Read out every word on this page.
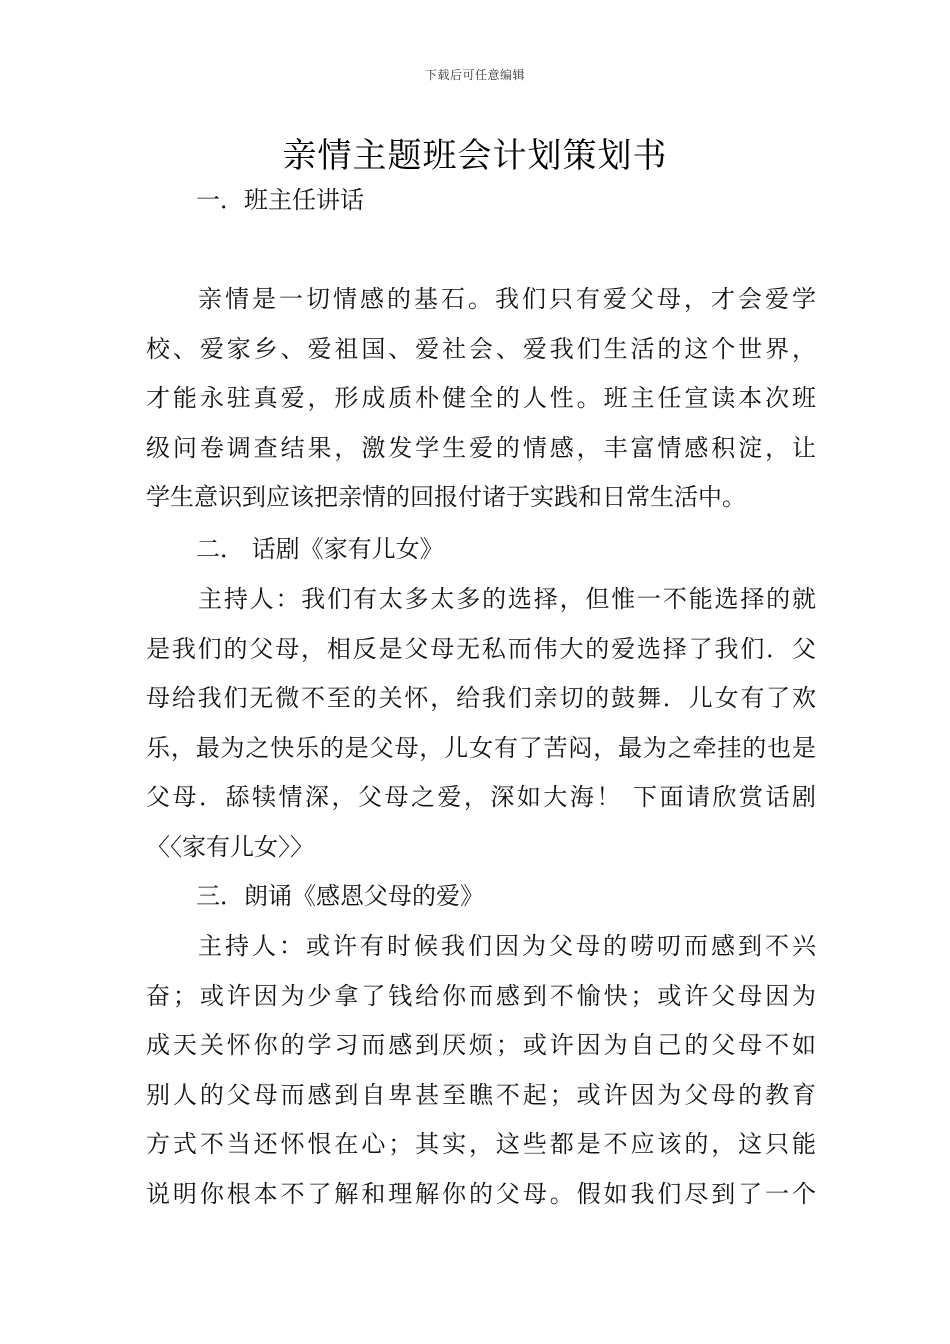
下载后可任意编辑
亲情主题班会计划策划书
一．班主任讲话
亲情是一切情感的基石。我们只有爱父母，才会爱学
校、爱家乡、爱祖国、爱社会、爱我们生活的这个世界，
才能永驻真爱，形成质朴健全的人性。班主任宣读本次班
级问卷调查结果，激发学生爱的情感，丰富情感积淀，让
学生意识到应该把亲情的回报付诸于实践和日常生活中。
二． 话剧《家有儿女》
主持人：我们有太多太多的选择，但惟一不能选择的就
是我们的父母，相反是父母无私而伟大的爱选择了我们．父
母给我们无微不至的关怀，给我们亲切的鼓舞．儿女有了欢
乐，最为之快乐的是父母，儿女有了苦闷，最为之牵挂的也是
父母．舔犊情深，父母之爱，深如大海！ 下面请欣赏话剧
〈〈家有儿女〉〉
三．朗诵《感恩父母的爱》
主持人：或许有时候我们因为父母的唠叨而感到不兴
奋；或许因为少拿了钱给你而感到不愉快；或许父母因为
成天关怀你的学习而感到厌烦；或许因为自己的父母不如
别人的父母而感到自卑甚至瞧不起；或许因为父母的教育
方式不当还怀恨在心；其实，这些都是不应该的，这只能
说明你根本不了解和理解你的父母。假如我们尽到了一个
